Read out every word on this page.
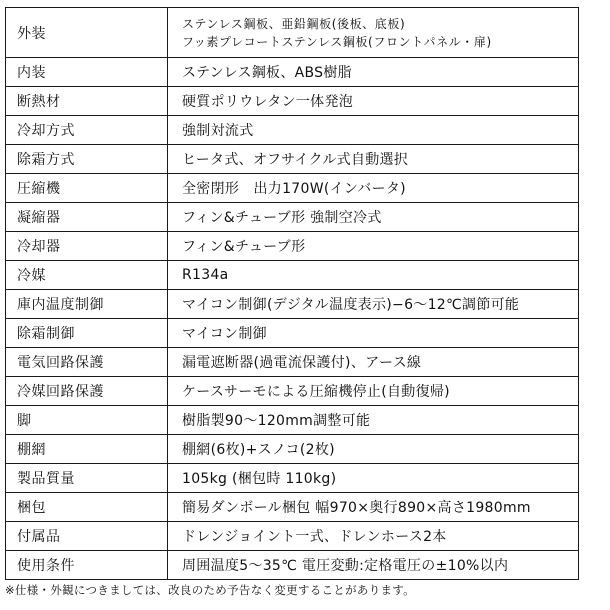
外装	ステンレス鋼板、亜鉛鋼板(後板、底板)
フッ素プレコートステンレス鋼板(フロントパネル・扉)

内装	ステンレス鋼板、ABS樹脂

断熱材	硬質ポリウレタン一体発泡

冷却方式	強制対流式

除霜方式	ヒータ式、オフサイクル式自動選択

圧縮機	全密閉形　出力170W(インバータ)

凝縮器	フィン&チューブ形 強制空冷式

冷却器	フィン&チューブ形

冷媒	R134a

庫内温度制御	マイコン制御(デジタル温度表示)−6〜12℃調節可能

除霜制御	マイコン制御

電気回路保護	漏電遮断器(過電流保護付)、アース線

冷媒回路保護	ケースサーモによる圧縮機停止(自動復帰)

脚	樹脂製90〜120mm調整可能

棚網	棚網(6枚)+スノコ(2枚)

製品質量	105kg (梱包時 110kg)

梱包	簡易ダンボール梱包 幅970×奥行890×高さ1980mm

付属品	ドレンジョイント一式、ドレンホース2本

使用条件	周囲温度5〜35℃ 電圧変動:定格電圧の±10%以内
※仕様・外観につきましては、改良のため予告なく変更することがあります。
